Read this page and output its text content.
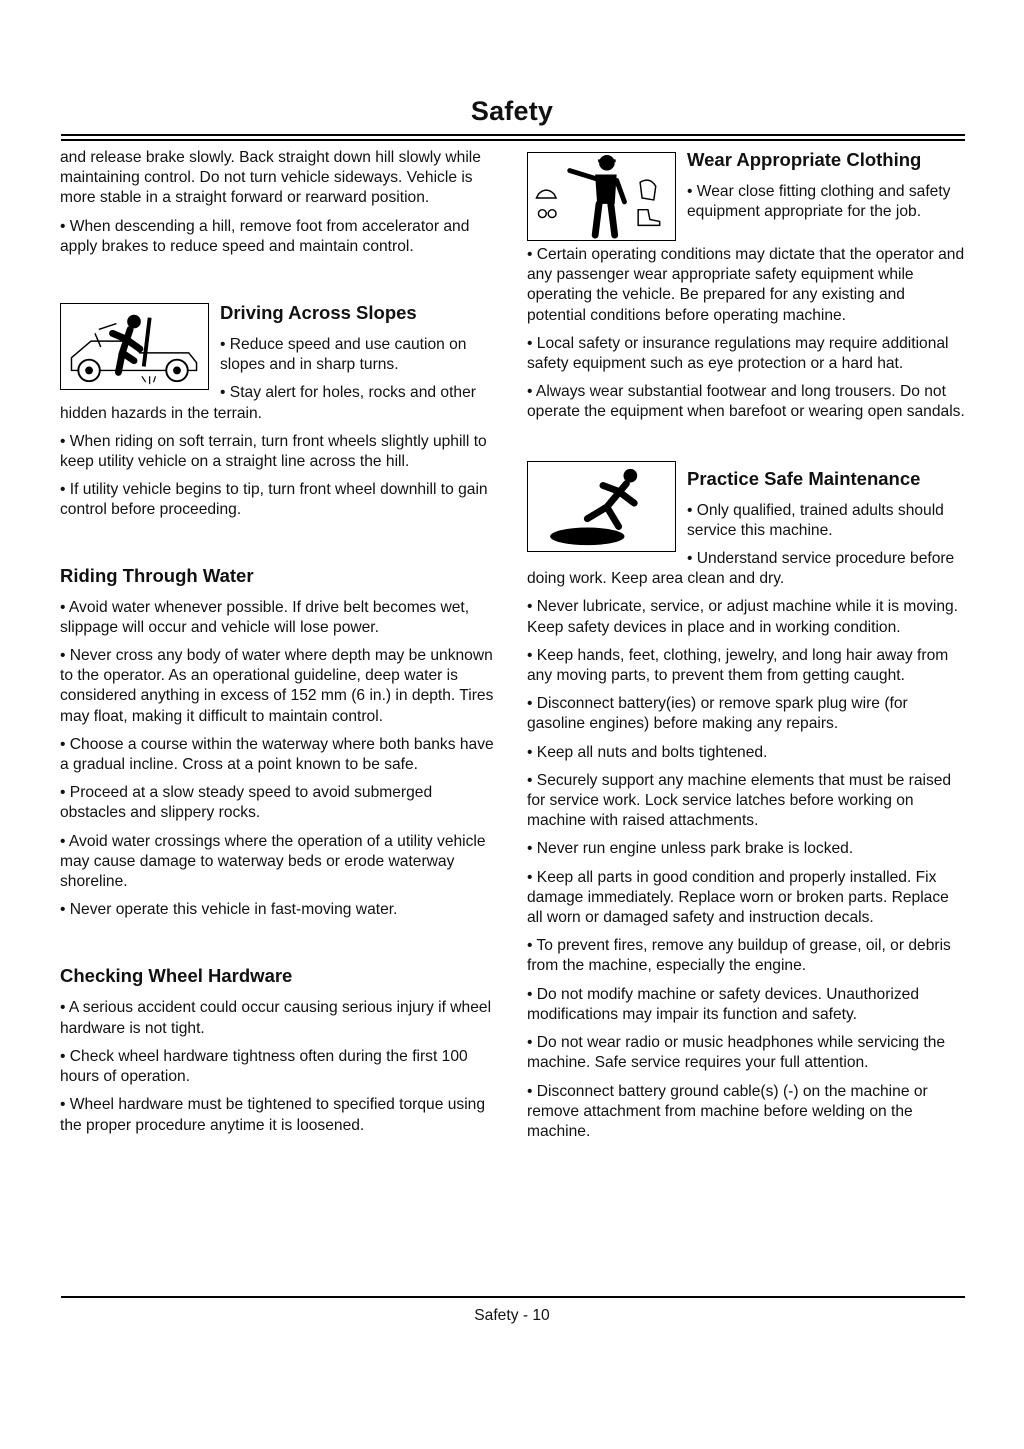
Safety

and release brake slowly. Back straight down hill slowly while maintaining control. Do not turn vehicle sideways. Vehicle is more stable in a straight forward or rearward position.

• When descending a hill, remove foot from accelerator and apply brakes to reduce speed and maintain control.

Driving Across Slopes

• Reduce speed and use caution on slopes and in sharp turns.

• Stay alert for holes, rocks and other hidden hazards in the terrain.

• When riding on soft terrain, turn front wheels slightly uphill to keep utility vehicle on a straight line across the hill.

• If utility vehicle begins to tip, turn front wheel downhill to gain control before proceeding.

Riding Through Water

• Avoid water whenever possible. If drive belt becomes wet, slippage will occur and vehicle will lose power.

• Never cross any body of water where depth may be unknown to the operator. As an operational guideline, deep water is considered anything in excess of 152 mm (6 in.) in depth. Tires may float, making it difficult to maintain control.

• Choose a course within the waterway where both banks have a gradual incline. Cross at a point known to be safe.

• Proceed at a slow steady speed to avoid submerged obstacles and slippery rocks.

• Avoid water crossings where the operation of a utility vehicle may cause damage to waterway beds or erode waterway shoreline.

• Never operate this vehicle in fast-moving water.

Checking Wheel Hardware

• A serious accident could occur causing serious injury if wheel hardware is not tight.

• Check wheel hardware tightness often during the first 100 hours of operation.

• Wheel hardware must be tightened to specified torque using the proper procedure anytime it is loosened.

Wear Appropriate Clothing

• Wear close fitting clothing and safety equipment appropriate for the job.

• Certain operating conditions may dictate that the operator and any passenger wear appropriate safety equipment while operating the vehicle. Be prepared for any existing and potential conditions before operating machine.

• Local safety or insurance regulations may require additional safety equipment such as eye protection or a hard hat.

• Always wear substantial footwear and long trousers. Do not operate the equipment when barefoot or wearing open sandals.

Practice Safe Maintenance

• Only qualified, trained adults should service this machine.

• Understand service procedure before doing work. Keep area clean and dry.

• Never lubricate, service, or adjust machine while it is moving. Keep safety devices in place and in working condition.

• Keep hands, feet, clothing, jewelry, and long hair away from any moving parts, to prevent them from getting caught.

• Disconnect battery(ies) or remove spark plug wire (for gasoline engines) before making any repairs.

• Keep all nuts and bolts tightened.

• Securely support any machine elements that must be raised for service work. Lock service latches before working on machine with raised attachments.

• Never run engine unless park brake is locked.

• Keep all parts in good condition and properly installed. Fix damage immediately. Replace worn or broken parts. Replace all worn or damaged safety and instruction decals.

• To prevent fires, remove any buildup of grease, oil, or debris from the machine, especially the engine.

• Do not modify machine or safety devices. Unauthorized modifications may impair its function and safety.

• Do not wear radio or music headphones while servicing the machine. Safe service requires your full attention.

• Disconnect battery ground cable(s) (-) on the machine or remove attachment from machine before welding on the machine.

Safety - 10
